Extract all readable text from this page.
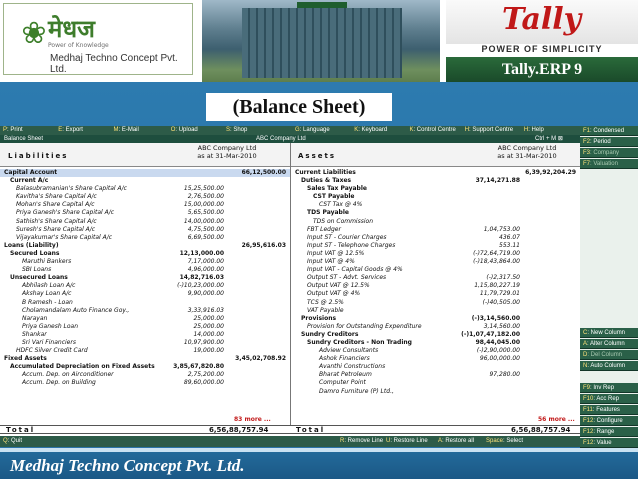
❀ मेधज
Power of Knowledge
Medhaj Techno Concept Pvt. Ltd.
Tally
POWER OF SIMPLICITY
Tally.ERP 9
(Balance Sheet)
P: Print	E: Export	M: E-Mail	O: Upload	S: Shop	G: Language	K: Keyboard	K: Control Centre	H: Support Centre	H: Help
Balance Sheet	ABC Company Ltd	Ctrl + M ⊠
Liabilities
ABC Company Ltd
as at 31-Mar-2010	Assets
ABC Company Ltd
as at 31-Mar-2010
Capital Account	66,12,500.00
Current A/c
Balasubramanian's Share Capital A/c	15,25,500.00
Kavitha's Share Capital A/c	2,76,500.00
Mohan's Share Capital A/c	15,00,000.00
Priya Ganesh's Share Capital A/c	5,65,500.00
Sathish's Share Capital A/c	14,00,000.00
Suresh's Share Capital A/c	4,75,500.00
Vijayakumar's Share Capital A/c	6,69,500.00
Loans (Liability)	26,95,616.03
Secured Loans	12,13,000.00
Maruthi Bankers	7,17,000.00
SBI Loans	4,96,000.00
Unsecured Loans	14,82,716.03
Abhilash Loan A/c	(-)10,23,000.00
Akshay Loan A/c	9,90,000.00
B Ramesh - Loan
Cholamandalam Auto Finance Goy.,	3,33,916.03
Narayan	25,000.00
Priya Ganesh Loan	25,000.00
Shankar	14,000.00
Sri Vari Financiers	10,97,900.00
HDFC Silver Credit Card	19,000.00
Fixed Assets	3,45,02,708.92
Accumulated Depreciation on Fixed Assets	3,85,67,820.80
Accum. Dep. on Airconditioner	2,75,200.00
Accum. Dep. on Building	89,60,000.00
Current Liabilities	6,39,92,204.29
Duties & Taxes	37,14,271.88
Sales Tax Payable
CST Payable
CST Tax @ 4%
TDS Payable
TDS on Commission
FBT Ledger	1,04,753.00
Input ST - Courier Charges	436.07
Input ST - Telephone Charges	553.11
Input VAT @ 12.5%	(-)72,64,719.00
Input VAT @ 4%	(-)18,43,864.00
Input VAT - Capital Goods @ 4%
Output ST - Advt. Services	(-)2,317.50
Output VAT @ 12.5%	1,15,80,227.19
Output VAT @ 4%	11,79,729.01
TCS @ 2.5%	(-)40,505.00
VAT Payable
Provisions	(-)3,14,560.00
Provision for Outstanding Expenditure	3,14,560.00
Sundry Creditors	(-)1,07,47,182.00
Sundry Creditors - Non Trading	98,44,045.00
Adview Consultants	(-)2,90,000.00
Ashok Financiers	96,00,000.00
Avanthi Constructions
Bharat Petroleum	97,280.00
Computer Point
Damro Furniture (P) Ltd.,
83 more ...	56 more ...
Total	6,56,88,757.94	Total	6,56,88,757.94
Q: Quit	R: Remove Line U: Restore Line A: Restore all Space: Select
F1: Condensed
F2: Period
F3: Company
F7: Valuation
C: New Column
A: Alter Column
D: Del Column
N: Auto Column
F9: Inv Rep
F10: Acc Rep
F11: Features
F12: Configure
F12: Range
F12: Value
Medhaj Techno Concept Pvt. Ltd.
